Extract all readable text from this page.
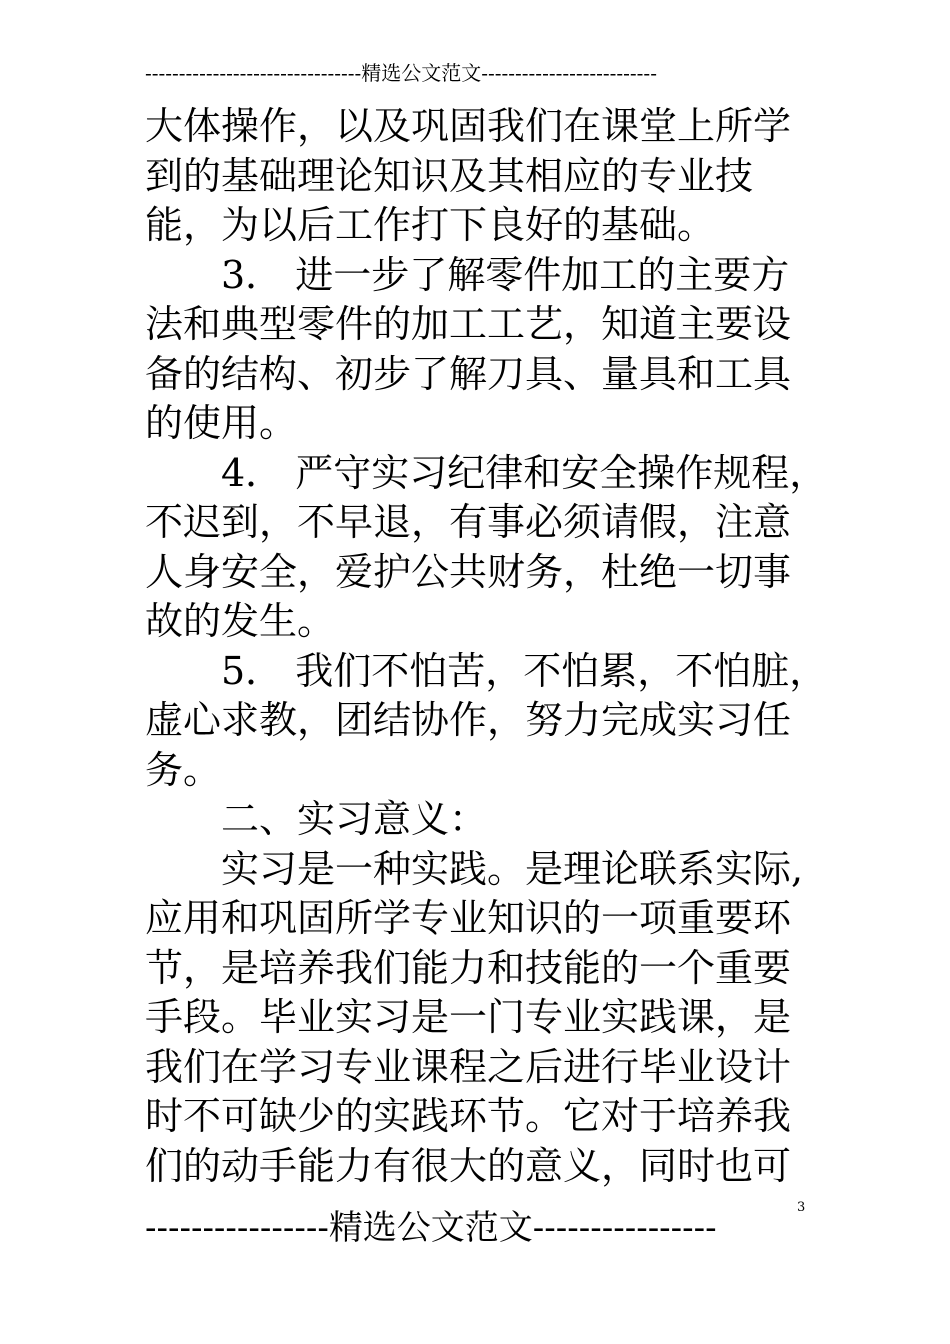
--------------------------------精选公文范文--------------------------
大体操作，以及巩固我们在课堂上所学
到的基础理论知识及其相应的专业技
能，为以后工作打下良好的基础。
3． 进一步了解零件加工的主要方
法和典型零件的加工工艺，知道主要设
备的结构、初步了解刀具、量具和工具
的使用。
4． 严守实习纪律和安全操作规程，
不迟到，不早退，有事必须请假，注意
人身安全，爱护公共财务，杜绝一切事
故的发生。
5． 我们不怕苦，不怕累，不怕脏，
虚心求教，团结协作，努力完成实习任
务。
二、实习意义：
实习是一种实践。是理论联系实际,
应用和巩固所学专业知识的一项重要环
节，是培养我们能力和技能的一个重要
手段。毕业实习是一门专业实践课，是
我们在学习专业课程之后进行毕业设计
时不可缺少的实践环节。它对于培养我
们的动手能力有很大的意义，同时也可
----------------精选公文范文----------------
3
